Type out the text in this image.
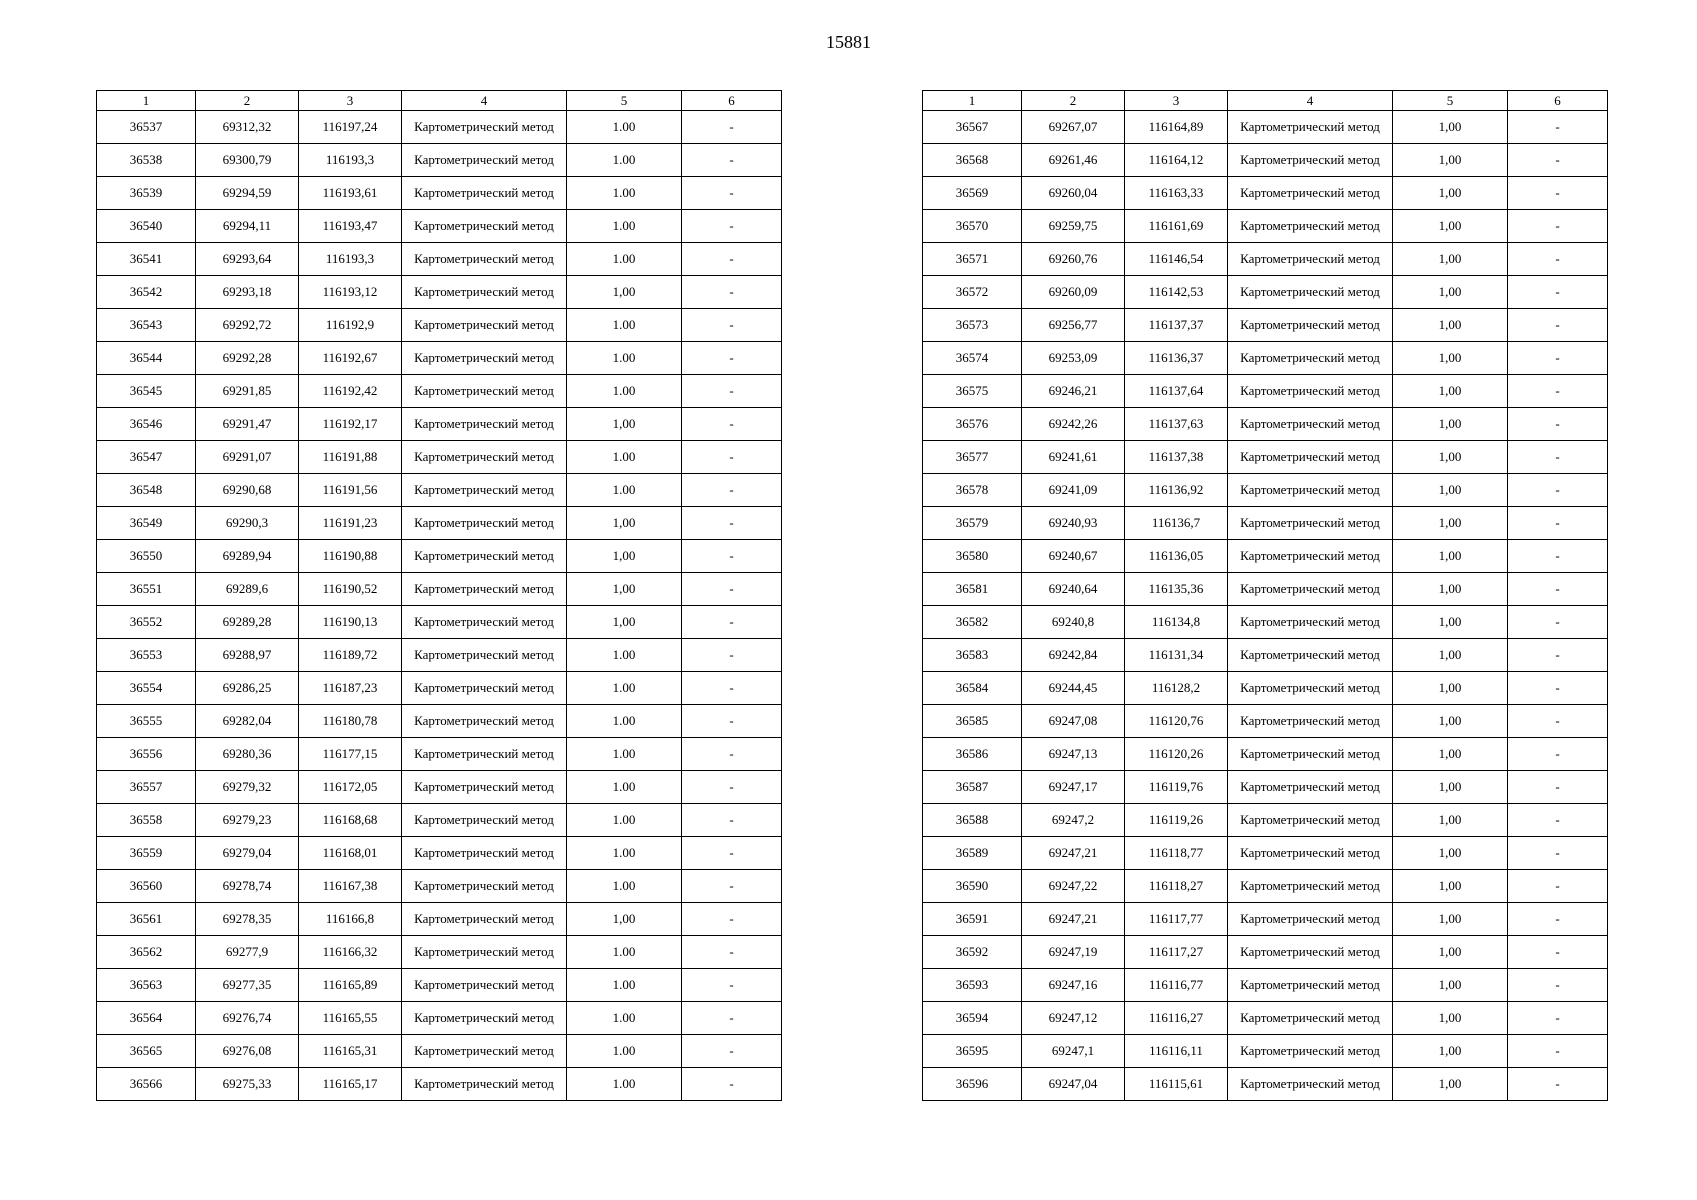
15881
1	2	3	4	5	6
36537	69312,32	116197,24	Картометрический метод	1.00	-
36538	69300,79	116193,3	Картометрический метод	1.00	-
36539	69294,59	116193,61	Картометрический метод	1.00	-
36540	69294,11	116193,47	Картометрический метод	1.00	-
36541	69293,64	116193,3	Картометрический метод	1.00	-
36542	69293,18	116193,12	Картометрический метод	1,00	-
36543	69292,72	116192,9	Картометрический метод	1.00	-
36544	69292,28	116192,67	Картометрический метод	1.00	-
36545	69291,85	116192,42	Картометрический метод	1.00	-
36546	69291,47	116192,17	Картометрический метод	1,00	-
36547	69291,07	116191,88	Картометрический метод	1.00	-
36548	69290,68	116191,56	Картометрический метод	1.00	-
36549	69290,3	116191,23	Картометрический метод	1,00	-
36550	69289,94	116190,88	Картометрический метод	1,00	-
36551	69289,6	116190,52	Картометрический метод	1,00	-
36552	69289,28	116190,13	Картометрический метод	1,00	-
36553	69288,97	116189,72	Картометрический метод	1.00	-
36554	69286,25	116187,23	Картометрический метод	1.00	-
36555	69282,04	116180,78	Картометрический метод	1.00	-
36556	69280,36	116177,15	Картометрический метод	1.00	-
36557	69279,32	116172,05	Картометрический метод	1.00	-
36558	69279,23	116168,68	Картометрический метод	1.00	-
36559	69279,04	116168,01	Картометрический метод	1.00	-
36560	69278,74	116167,38	Картометрический метод	1.00	-
36561	69278,35	116166,8	Картометрический метод	1,00	-
36562	69277,9	116166,32	Картометрический метод	1.00	-
36563	69277,35	116165,89	Картометрический метод	1.00	-
36564	69276,74	116165,55	Картометрический метод	1.00	-
36565	69276,08	116165,31	Картометрический метод	1.00	-
36566	69275,33	116165,17	Картометрический метод	1.00	-
1	2	3	4	5	6
36567	69267,07	116164,89	Картометрический метод	1,00	-
36568	69261,46	116164,12	Картометрический метод	1,00	-
36569	69260,04	116163,33	Картометрический метод	1,00	-
36570	69259,75	116161,69	Картометрический метод	1,00	-
36571	69260,76	116146,54	Картометрический метод	1,00	-
36572	69260,09	116142,53	Картометрический метод	1,00	-
36573	69256,77	116137,37	Картометрический метод	1,00	-
36574	69253,09	116136,37	Картометрический метод	1,00	-
36575	69246,21	116137,64	Картометрический метод	1,00	-
36576	69242,26	116137,63	Картометрический метод	1,00	-
36577	69241,61	116137,38	Картометрический метод	1,00	-
36578	69241,09	116136,92	Картометрический метод	1,00	-
36579	69240,93	116136,7	Картометрический метод	1,00	-
36580	69240,67	116136,05	Картометрический метод	1,00	-
36581	69240,64	116135,36	Картометрический метод	1,00	-
36582	69240,8	116134,8	Картометрический метод	1,00	-
36583	69242,84	116131,34	Картометрический метод	1,00	-
36584	69244,45	116128,2	Картометрический метод	1,00	-
36585	69247,08	116120,76	Картометрический метод	1,00	-
36586	69247,13	116120,26	Картометрический метод	1,00	-
36587	69247,17	116119,76	Картометрический метод	1,00	-
36588	69247,2	116119,26	Картометрический метод	1,00	-
36589	69247,21	116118,77	Картометрический метод	1,00	-
36590	69247,22	116118,27	Картометрический метод	1,00	-
36591	69247,21	116117,77	Картометрический метод	1,00	-
36592	69247,19	116117,27	Картометрический метод	1,00	-
36593	69247,16	116116,77	Картометрический метод	1,00	-
36594	69247,12	116116,27	Картометрический метод	1,00	-
36595	69247,1	116116,11	Картометрический метод	1,00	-
36596	69247,04	116115,61	Картометрический метод	1,00	-
